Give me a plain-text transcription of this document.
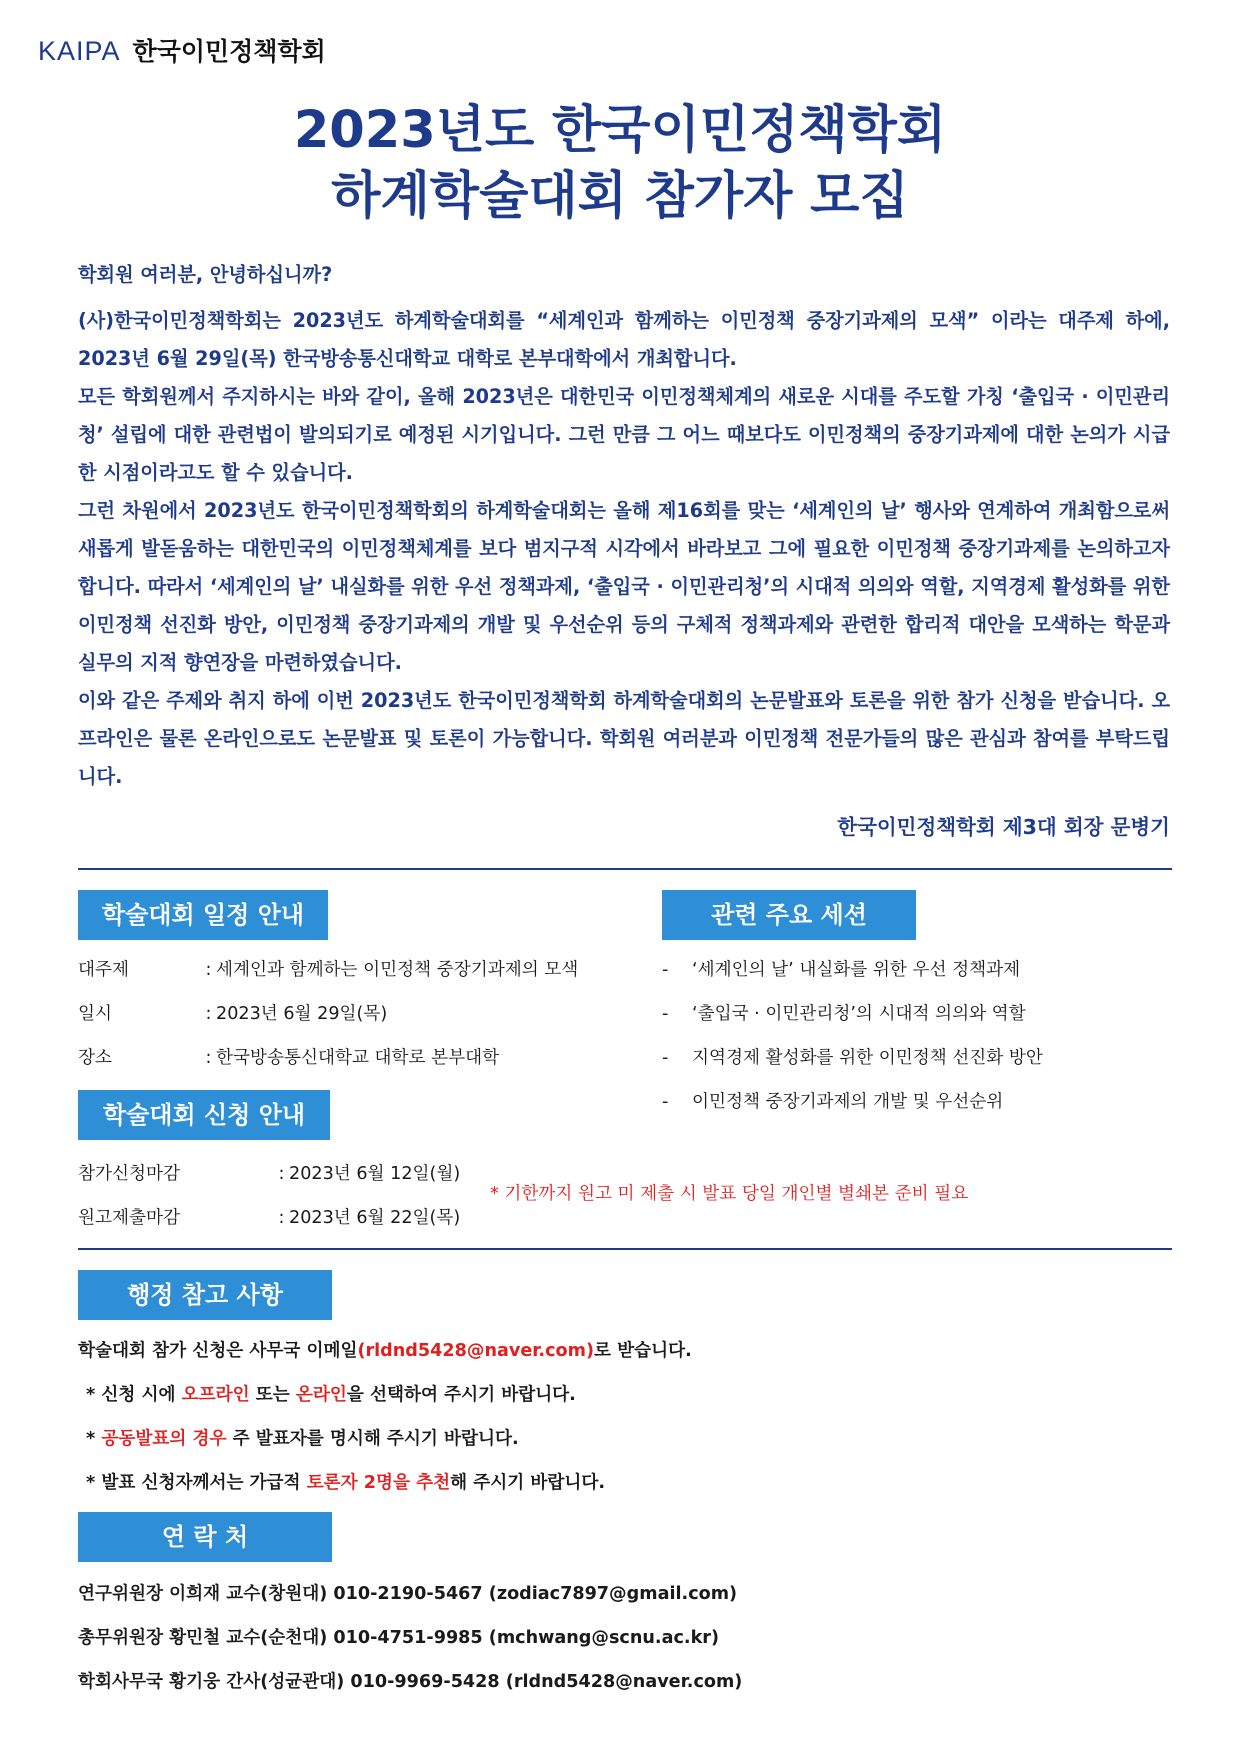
KAIPA 한국이민정책학회
2023년도 한국이민정책학회
하계학술대회 참가자 모집

학회원 여러분, 안녕하십니까?

(사)한국이민정책학회는 2023년도 하계학술대회를 “세계인과 함께하는 이민정책 중장기과제의 모색” 이라는 대주제 하에, 2023년 6월 29일(목) 한국방송통신대학교 대학로 본부대학에서 개최합니다.

모든 학회원께서 주지하시는 바와 같이, 올해 2023년은 대한민국 이민정책체계의 새로운 시대를 주도할 가칭 ‘출입국 · 이민관리청’ 설립에 대한 관련법이 발의되기로 예정된 시기입니다. 그런 만큼 그 어느 때보다도 이민정책의 중장기과제에 대한 논의가 시급한 시점이라고도 할 수 있습니다.

그런 차원에서 2023년도 한국이민정책학회의 하계학술대회는 올해 제16회를 맞는 ‘세계인의 날’ 행사와 연계하여 개최함으로써 새롭게 발돋움하는 대한민국의 이민정책체계를 보다 범지구적 시각에서 바라보고 그에 필요한 이민정책 중장기과제를 논의하고자 합니다. 따라서 ‘세계인의 날’ 내실화를 위한 우선 정책과제, ‘출입국 · 이민관리청’의 시대적 의의와 역할, 지역경제 활성화를 위한 이민정책 선진화 방안, 이민정책 중장기과제의 개발 및 우선순위 등의 구체적 정책과제와 관련한 합리적 대안을 모색하는 학문과 실무의 지적 향연장을 마련하였습니다.

이와 같은 주제와 취지 하에 이번 2023년도 한국이민정책학회 하계학술대회의 논문발표와 토론을 위한 참가 신청을 받습니다. 오프라인은 물론 온라인으로도 논문발표 및 토론이 가능합니다. 학회원 여러분과 이민정책 전문가들의 많은 관심과 참여를 부탁드립니다.

한국이민정책학회 제3대 회장 문병기
학술대회 일정 안내
대주제	: 세계인과 함께하는 이민정책 중장기과제의 모색
일시	: 2023년 6월 29일(목)
장소	: 한국방송통신대학교 대학로 본부대학
관련 주요 세션
- ‘세계인의 날’ 내실화를 위한 우선 정책과제
- ‘출입국 · 이민관리청’의 시대적 의의와 역할
- 지역경제 활성화를 위한 이민정책 선진화 방안
- 이민정책 중장기과제의 개발 및 우선순위
학술대회 신청 안내
참가신청마감	: 2023년 6월 12일(월)
원고제출마감	: 2023년 6월 22일(목)
* 기한까지 원고 미 제출 시 발표 당일 개인별 별쇄본 준비 필요
행정 참고 사항
학술대회 참가 신청은 사무국 이메일(rldnd5428@naver.com)로 받습니다.
* 신청 시에 오프라인 또는 온라인을 선택하여 주시기 바랍니다.
* 공동발표의 경우 주 발표자를 명시해 주시기 바랍니다.
* 발표 신청자께서는 가급적 토론자 2명을 추천해 주시기 바랍니다.
연 락 처
연구위원장 이희재 교수(창원대) 010-2190-5467 (zodiac7897@gmail.com)
총무위원장 황민철 교수(순천대) 010-4751-9985 (mchwang@scnu.ac.kr)
학회사무국 황기웅 간사(성균관대) 010-9969-5428 (rldnd5428@naver.com)
